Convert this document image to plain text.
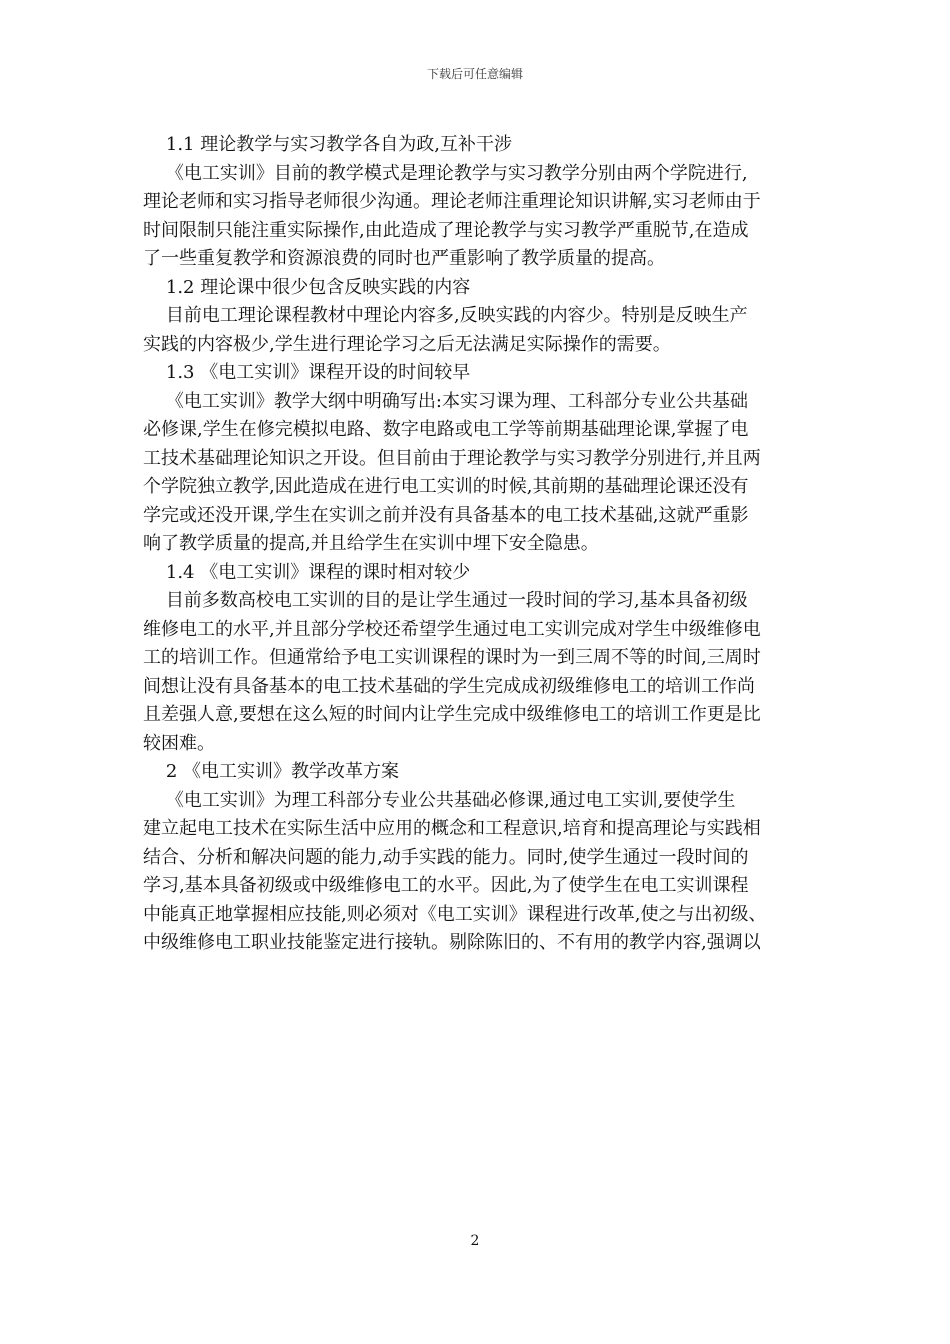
下载后可任意编辑

1.1 理论教学与实习教学各自为政,互补干涉

《电工实训》目前的教学模式是理论教学与实习教学分别由两个学院进行,

理论老师和实习指导老师很少沟通。理论老师注重理论知识讲解,实习老师由于

时间限制只能注重实际操作,由此造成了理论教学与实习教学严重脱节,在造成

了一些重复教学和资源浪费的同时也严重影响了教学质量的提高。

1.2 理论课中很少包含反映实践的内容

目前电工理论课程教材中理论内容多,反映实践的内容少。特别是反映生产

实践的内容极少,学生进行理论学习之后无法满足实际操作的需要。

1.3 《电工实训》课程开设的时间较早

《电工实训》教学大纲中明确写出:本实习课为理、工科部分专业公共基础

必修课,学生在修完模拟电路、数字电路或电工学等前期基础理论课,掌握了电

工技术基础理论知识之开设。但目前由于理论教学与实习教学分别进行,并且两

个学院独立教学,因此造成在进行电工实训的时候,其前期的基础理论课还没有

学完或还没开课,学生在实训之前并没有具备基本的电工技术基础,这就严重影

响了教学质量的提高,并且给学生在实训中埋下安全隐患。

1.4 《电工实训》课程的课时相对较少

目前多数高校电工实训的目的是让学生通过一段时间的学习,基本具备初级

维修电工的水平,并且部分学校还希望学生通过电工实训完成对学生中级维修电

工的培训工作。但通常给予电工实训课程的课时为一到三周不等的时间,三周时

间想让没有具备基本的电工技术基础的学生完成成初级维修电工的培训工作尚

且差强人意,要想在这么短的时间内让学生完成中级维修电工的培训工作更是比

较困难。

2 《电工实训》教学改革方案

《电工实训》为理工科部分专业公共基础必修课,通过电工实训,要使学生

建立起电工技术在实际生活中应用的概念和工程意识,培育和提高理论与实践相

结合、分析和解决问题的能力,动手实践的能力。同时,使学生通过一段时间的

学习,基本具备初级或中级维修电工的水平。因此,为了使学生在电工实训课程

中能真正地掌握相应技能,则必须对《电工实训》课程进行改革,使之与出初级、

中级维修电工职业技能鉴定进行接轨。剔除陈旧的、不有用的教学内容,强调以

2
